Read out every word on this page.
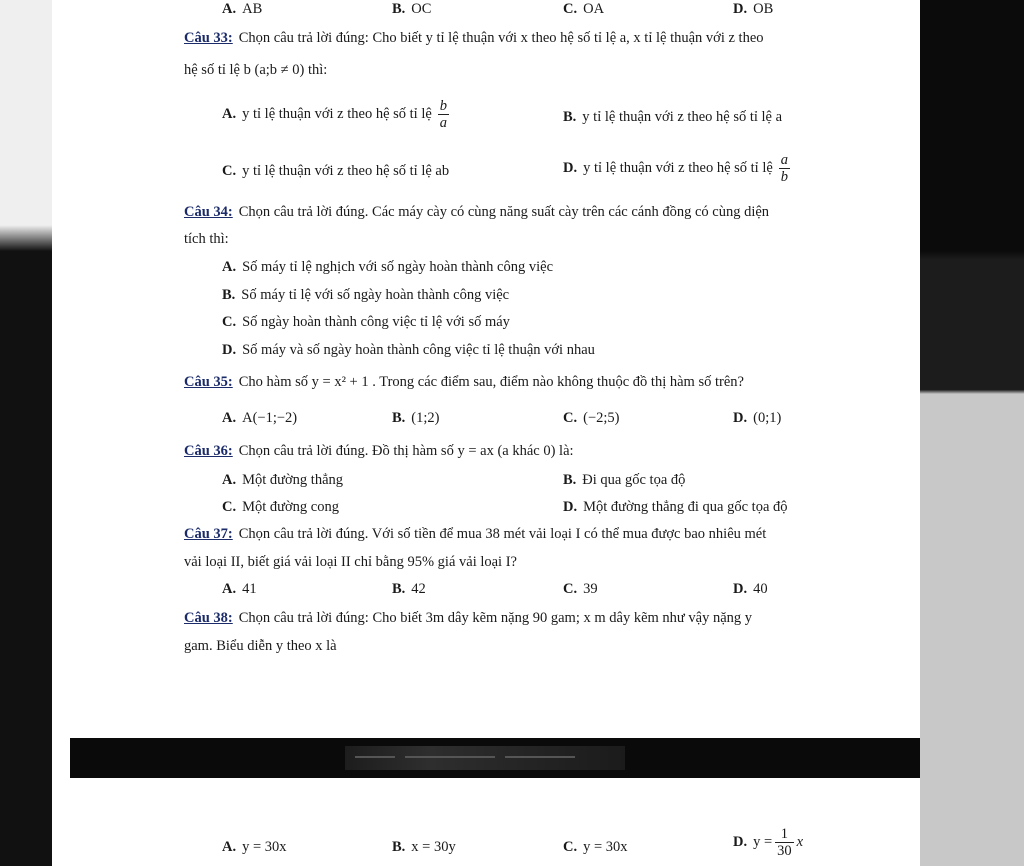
A. AB	B. OC	C. OA	D. OB
Câu 33: Chọn câu trả lời đúng: Cho biết y tỉ lệ thuận với x theo hệ số tỉ lệ a, x tỉ lệ thuận với z theo
hệ số tỉ lệ b (a;b ≠ 0) thì:
A. y tỉ lệ thuận với z theo hệ số tỉ lệ $\frac{b}{a}$	B. y tỉ lệ thuận với z theo hệ số tỉ lệ a
C. y tỉ lệ thuận với z theo hệ số tỉ lệ ab	D. y tỉ lệ thuận với z theo hệ số tỉ lệ $\frac{a}{b}$
Câu 34: Chọn câu trả lời đúng. Các máy cày có cùng năng suất cày trên các cánh đồng có cùng diện
tích thì:
A. Số máy tỉ lệ nghịch với số ngày hoàn thành công việc
B. Số máy tỉ lệ với số ngày hoàn thành công việc
C. Số ngày hoàn thành công việc tỉ lệ với số máy
D. Số máy và số ngày hoàn thành công việc tỉ lệ thuận với nhau
Câu 35: Cho hàm số y = x² + 1 . Trong các điểm sau, điểm nào không thuộc đồ thị hàm số trên?
A. A(−1;−2)	B. (1;2)	C. (−2;5)	D. (0;1)
Câu 36: Chọn câu trả lời đúng. Đồ thị hàm số y = ax (a khác 0) là:
A. Một đường thẳng	B. Đi qua gốc tọa độ
C. Một đường cong	D. Một đường thẳng đi qua gốc tọa độ
Câu 37: Chọn câu trả lời đúng. Với số tiền để mua 38 mét vải loại I có thể mua được bao nhiêu mét
vải loại II, biết giá vải loại II chỉ bằng 95% giá vải loại I?
A. 41	B. 42	C. 39	D. 40
Câu 38: Chọn câu trả lời đúng: Cho biết 3m dây kẽm nặng 90 gam; x m dây kẽm như vậy nặng y
gam. Biểu diễn y theo x là
A. y = 30x	B. x = 30y	C. y = 30x	D. $y = \frac{1}{30}$ x
